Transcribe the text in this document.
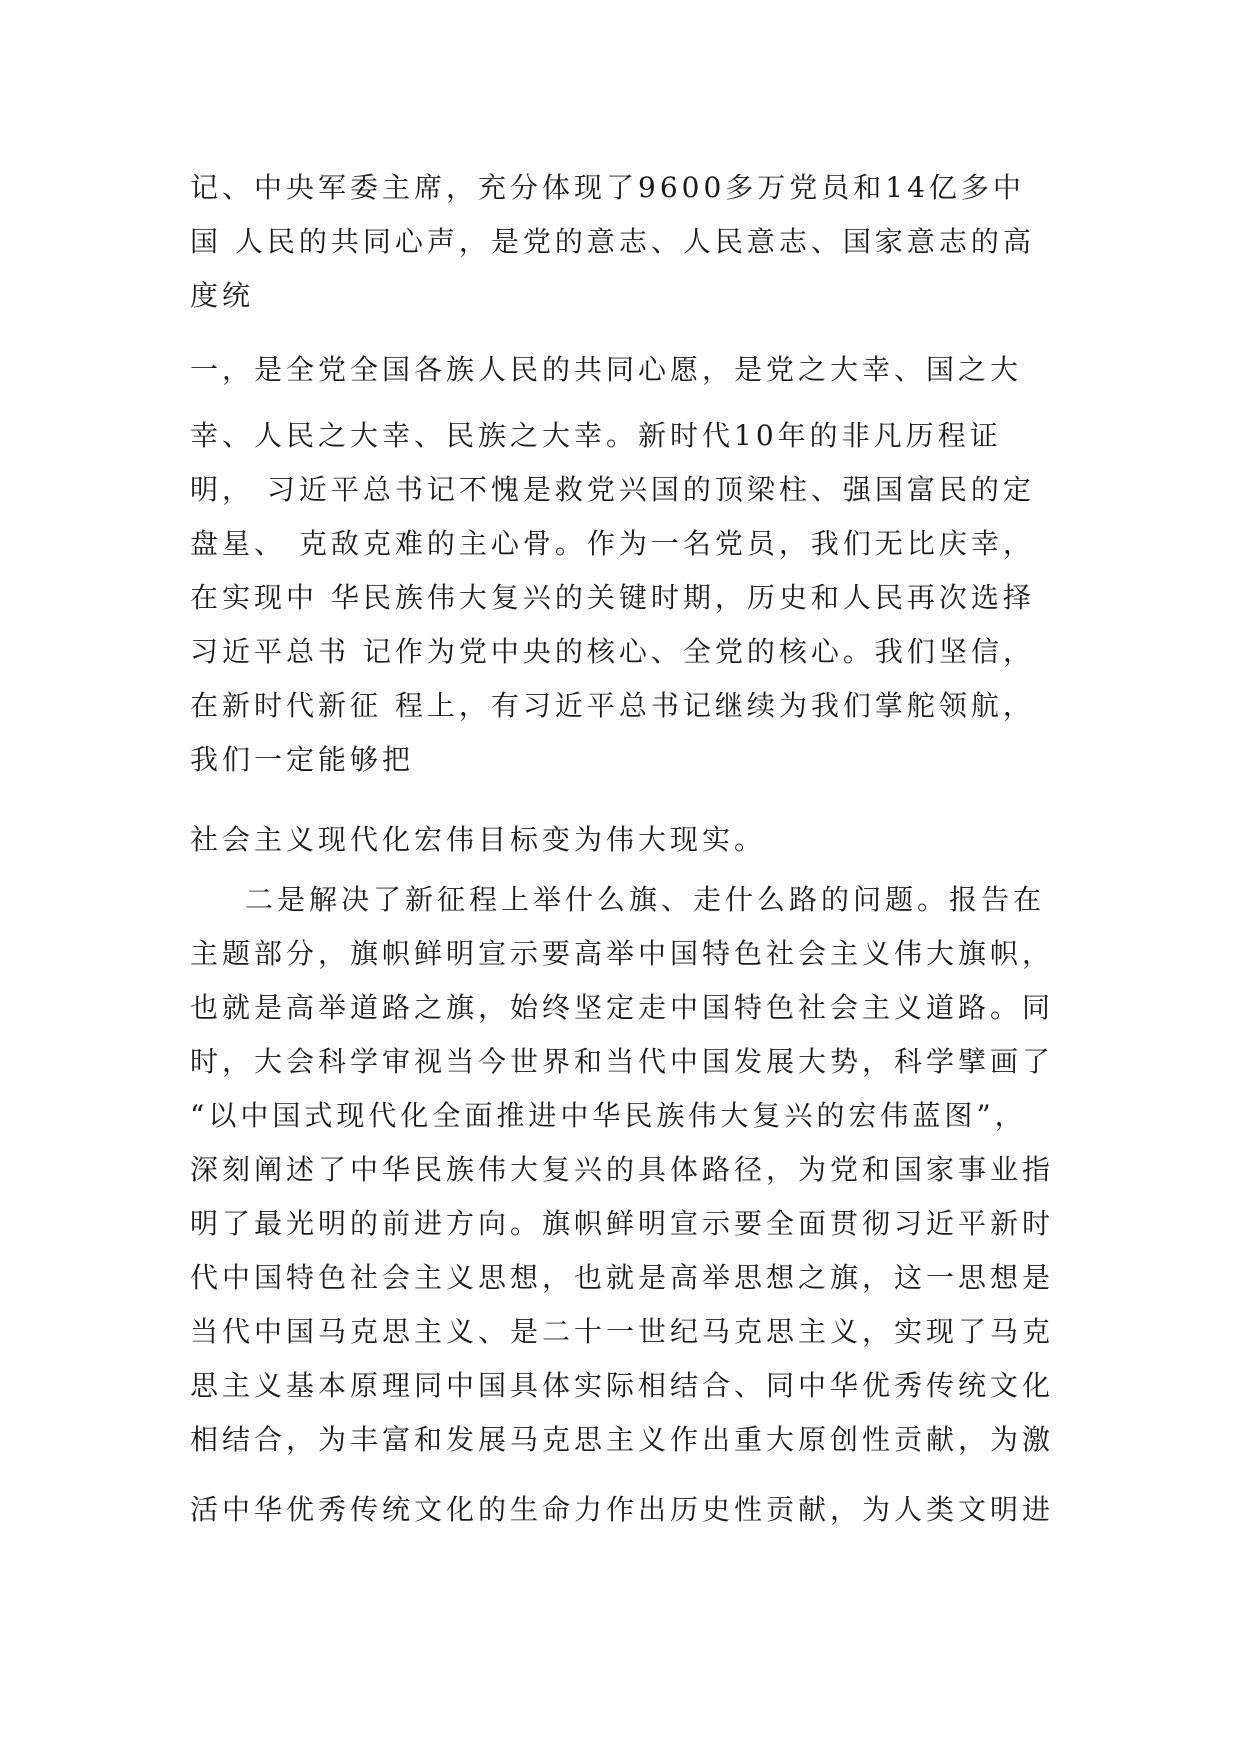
记、中央军委主席，充分体现了9600多万党员和14亿多中
国 人民的共同心声，是党的意志、人民意志、国家意志的高
度统
一，是全党全国各族人民的共同心愿，是党之大幸、国之大
幸、人民之大幸、民族之大幸。新时代10年的非凡历程证
明， 习近平总书记不愧是救党兴国的顶梁柱、强国富民的定
盘星、 克敌克难的主心骨。作为一名党员，我们无比庆幸，
在实现中 华民族伟大复兴的关键时期，历史和人民再次选择
习近平总书 记作为党中央的核心、全党的核心。我们坚信，
在新时代新征 程上，有习近平总书记继续为我们掌舵领航，
我们一定能够把
社会主义现代化宏伟目标变为伟大现实。
二是解决了新征程上举什么旗、走什么路的问题。报告在
主题部分，旗帜鲜明宣示要高举中国特色社会主义伟大旗帜，
也就是高举道路之旗，始终坚定走中国特色社会主义道路。同
时，大会科学审视当今世界和当代中国发展大势，科学擘画了
“以中国式现代化全面推进中华民族伟大复兴的宏伟蓝图”，
深刻阐述了中华民族伟大复兴的具体路径，为党和国家事业指
明了最光明的前进方向。旗帜鲜明宣示要全面贯彻习近平新时
代中国特色社会主义思想，也就是高举思想之旗，这一思想是
当代中国马克思主义、是二十一世纪马克思主义，实现了马克
思主义基本原理同中国具体实际相结合、同中华优秀传统文化
相结合，为丰富和发展马克思主义作出重大原创性贡献，为激
活中华优秀传统文化的生命力作出历史性贡献，为人类文明进
